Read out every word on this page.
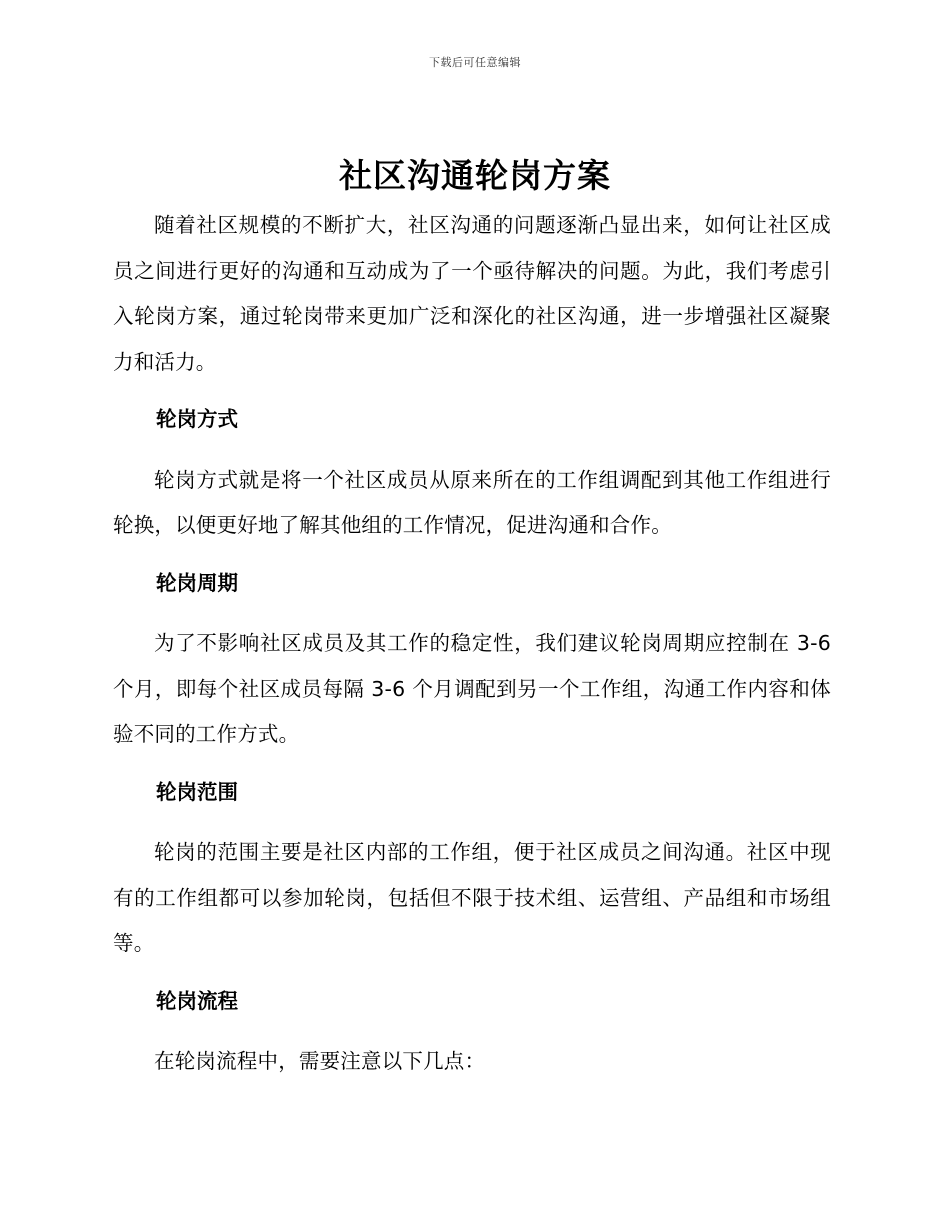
下载后可任意编辑
社区沟通轮岗方案

随着社区规模的不断扩大，社区沟通的问题逐渐凸显出来，如何让社区成员之间进行更好的沟通和互动成为了一个亟待解决的问题。为此，我们考虑引入轮岗方案，通过轮岗带来更加广泛和深化的社区沟通，进一步增强社区凝聚力和活力。

轮岗方式

轮岗方式就是将一个社区成员从原来所在的工作组调配到其他工作组进行轮换，以便更好地了解其他组的工作情况，促进沟通和合作。

轮岗周期

为了不影响社区成员及其工作的稳定性，我们建议轮岗周期应控制在 3-6 个月，即每个社区成员每隔 3-6 个月调配到另一个工作组，沟通工作内容和体验不同的工作方式。

轮岗范围

轮岗的范围主要是社区内部的工作组，便于社区成员之间沟通。社区中现有的工作组都可以参加轮岗，包括但不限于技术组、运营组、产品组和市场组等。

轮岗流程

在轮岗流程中，需要注意以下几点：
